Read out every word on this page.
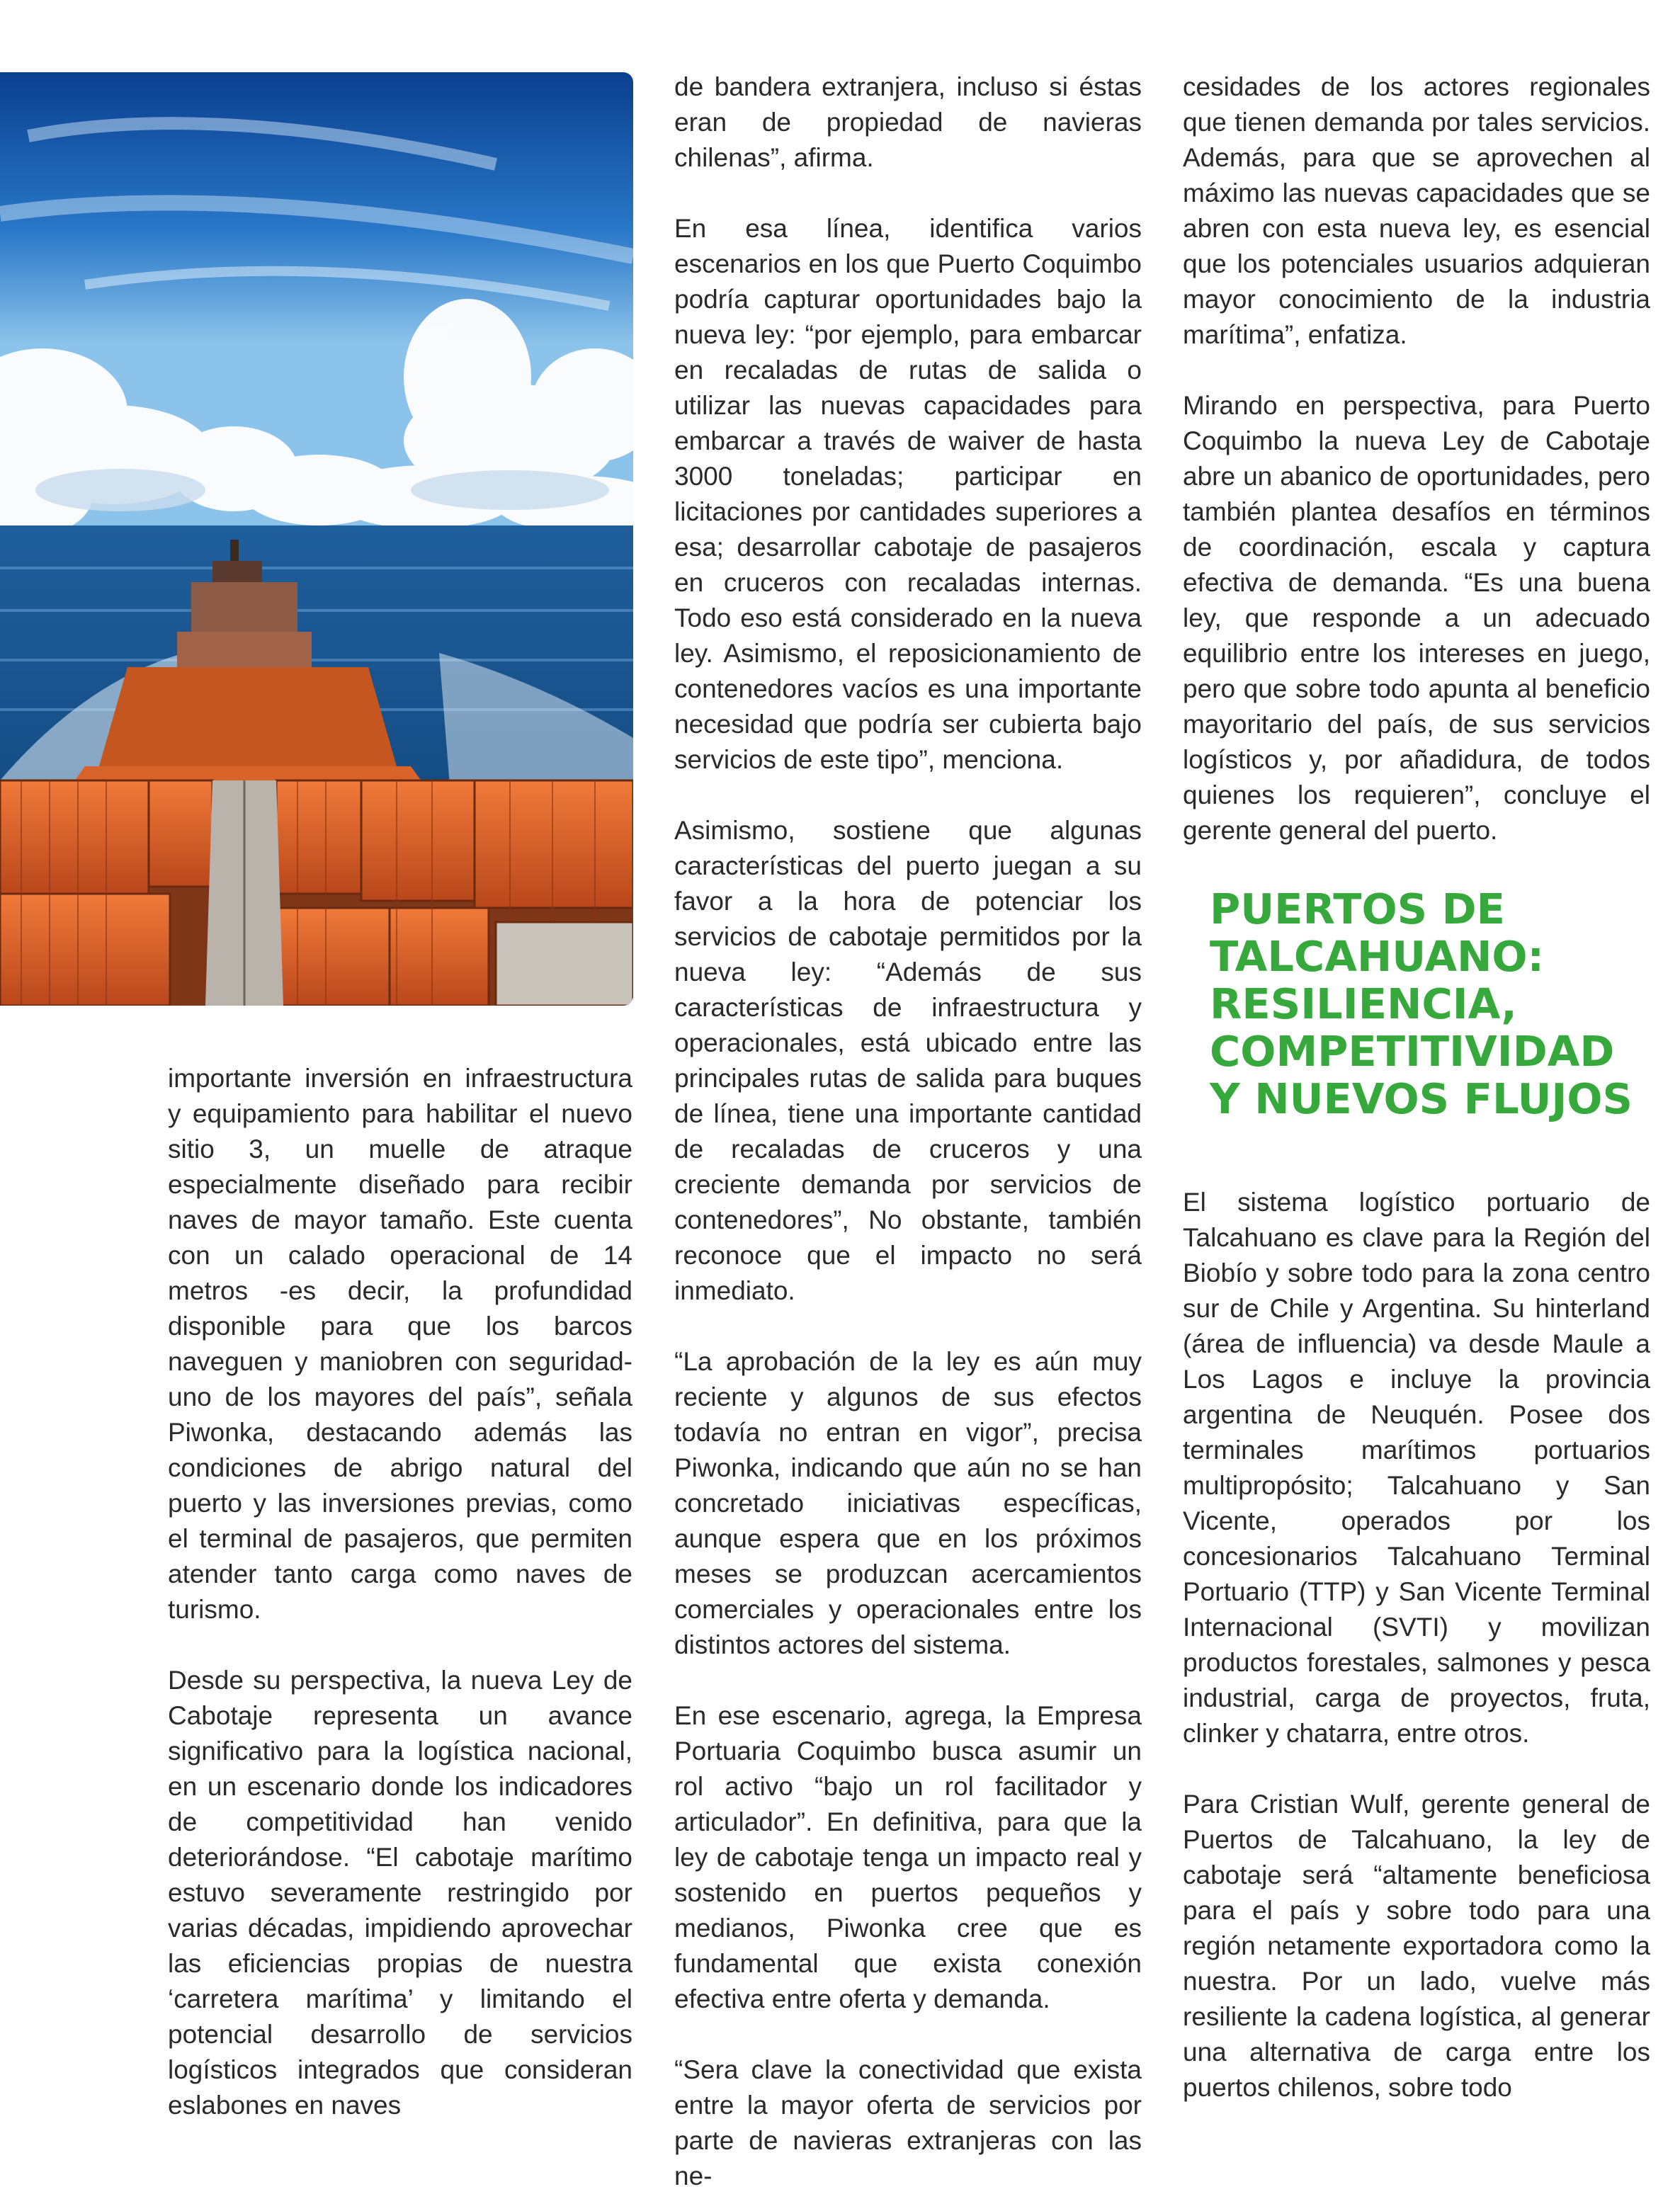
importante inversión en infraestructura y equipamiento para habilitar el nuevo sitio 3, un muelle de atraque especialmente diseñado para recibir naves de mayor tamaño. Este cuenta con un calado operacional de 14 metros -es decir, la profundidad disponible para que los barcos naveguen y maniobren con seguridad- uno de los mayores del país”, señala Piwonka, destacando además las condiciones de abrigo natural del puerto y las inversiones previas, como el terminal de pasajeros, que permiten atender tanto carga como naves de turismo.

Desde su perspectiva, la nueva Ley de Cabotaje representa un avance significativo para la logística nacional, en un escenario donde los indicadores de competitividad han venido deteriorándose. “El cabotaje marítimo estuvo severamente restringido por varias décadas, impidiendo aprovechar las eficiencias propias de nuestra ‘carretera marítima’ y limitando el potencial desarrollo de servicios logísticos integrados que consideran eslabones en naves

de bandera extranjera, incluso si éstas eran de propiedad de navieras chilenas”, afirma.

En esa línea, identifica varios escenarios en los que Puerto Coquimbo podría capturar oportunidades bajo la nueva ley: “por ejemplo, para embarcar en recaladas de rutas de salida o utilizar las nuevas capacidades para embarcar a través de waiver de hasta 3000 toneladas; participar en licitaciones por cantidades superiores a esa; desarrollar cabotaje de pasajeros en cruceros con recaladas internas. Todo eso está considerado en la nueva ley. Asimismo, el reposicionamiento de contenedores vacíos es una importante necesidad que podría ser cubierta bajo servicios de este tipo”, menciona.

Asimismo, sostiene que algunas características del puerto juegan a su favor a la hora de potenciar los servicios de cabotaje permitidos por la nueva ley: “Además de sus características de infraestructura y operacionales, está ubicado entre las principales rutas de salida para buques de línea, tiene una importante cantidad de recaladas de cruceros y una creciente demanda por servicios de contenedores”, No obstante, también reconoce que el impacto no será inmediato.

“La aprobación de la ley es aún muy reciente y algunos de sus efectos todavía no entran en vigor”, precisa Piwonka, indicando que aún no se han concretado iniciativas específicas, aunque espera que en los próximos meses se produzcan acercamientos comerciales y operacionales entre los distintos actores del sistema.

En ese escenario, agrega, la Empresa Portuaria Coquimbo busca asumir un rol activo “bajo un rol facilitador y articulador”. En definitiva, para que la ley de cabotaje tenga un impacto real y sostenido en puertos pequeños y medianos, Piwonka cree que es fundamental que exista conexión efectiva entre oferta y demanda.

“Sera clave la conectividad que exista entre la mayor oferta de servicios por parte de navieras extranjeras con las ne-

cesidades de los actores regionales que tienen demanda por tales servicios. Además, para que se aprovechen al máximo las nuevas capacidades que se abren con esta nueva ley, es esencial que los potenciales usuarios adquieran mayor conocimiento de la industria marítima”, enfatiza.

Mirando en perspectiva, para Puerto Coquimbo la nueva Ley de Cabotaje abre un abanico de oportunidades, pero también plantea desafíos en términos de coordinación, escala y captura efectiva de demanda. “Es una buena ley, que responde a un adecuado equilibrio entre los intereses en juego, pero que sobre todo apunta al beneficio mayoritario del país, de sus servicios logísticos y, por añadidura, de todos quienes los requieren”, concluye el gerente general del puerto.

PUERTOS DE
TALCAHUANO:
RESILIENCIA,
COMPETITIVIDAD
Y NUEVOS FLUJOS

El sistema logístico portuario de Talcahuano es clave para la Región del Biobío y sobre todo para la zona centro sur de Chile y Argentina. Su hinterland (área de influencia) va desde Maule a Los Lagos e incluye la provincia argentina de Neuquén. Posee dos terminales marítimos portuarios multipropósito; Talcahuano y San Vicente, operados por los concesionarios Talcahuano Terminal Portuario (TTP) y San Vicente Terminal Internacional (SVTI) y movilizan productos forestales, salmones y pesca industrial, carga de proyectos, fruta, clinker y chatarra, entre otros.

Para Cristian Wulf, gerente general de Puertos de Talcahuano, la ley de cabotaje será “altamente beneficiosa para el país y sobre todo para una región netamente exportadora como la nuestra. Por un lado, vuelve más resiliente la cadena logística, al generar una alternativa de carga entre los puertos chilenos, sobre todo
